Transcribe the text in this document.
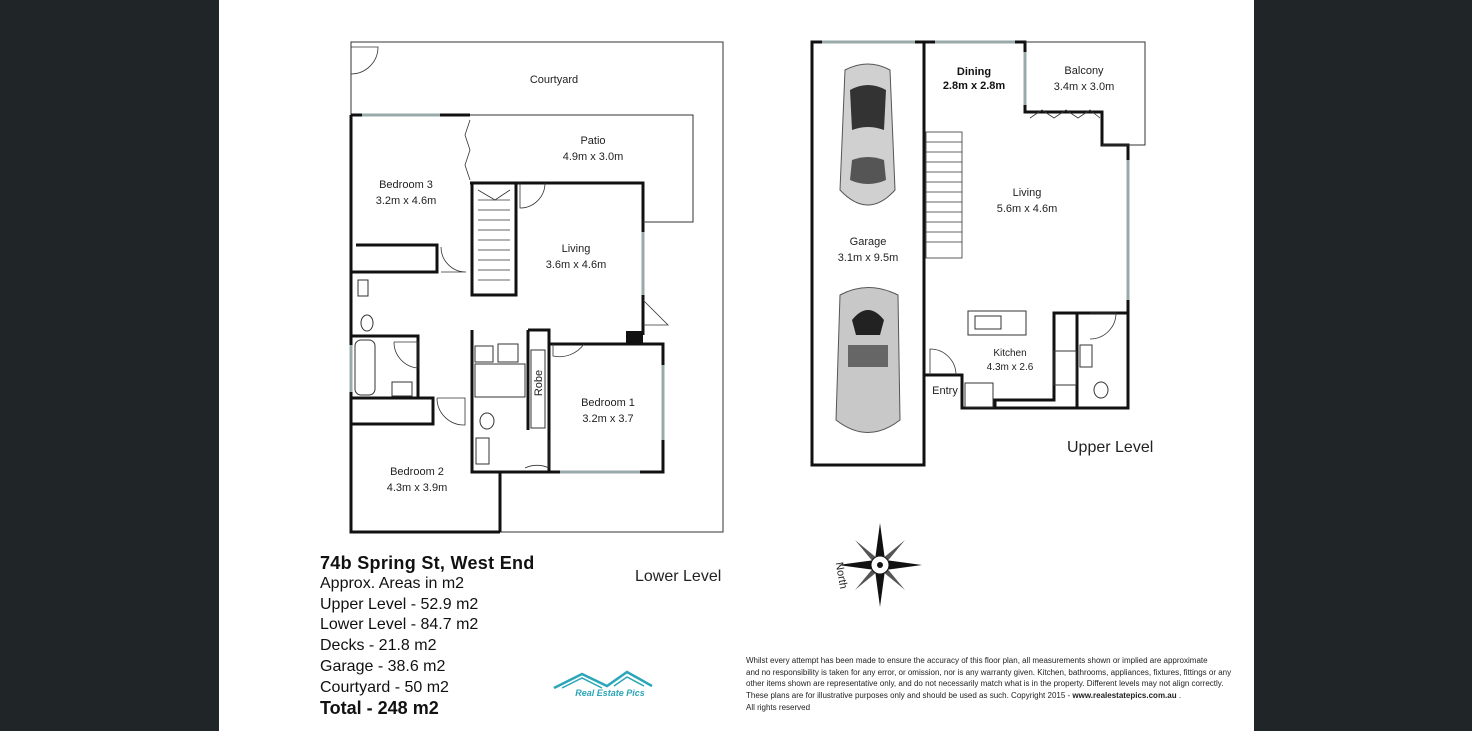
Courtyard
Patio
4.9m x 3.0m
Bedroom 3
3.2m x 4.6m
Living
3.6m x 4.6m
Bedroom 1
3.2m x 3.7
Bedroom 2
4.3m x 3.9m
Robe
Lower Level
Garage
3.1m x 9.5m
Dining
2.8m x 2.8m
Balcony
3.4m x 3.0m
Living
5.6m x 4.6m
Kitchen
4.3m x 2.6
Entry
Upper Level
North
74b Spring St, West End
Approx. Areas in m2
Upper Level - 52.9 m2
Lower Level - 84.7 m2
Decks - 21.8 m2
Garage - 38.6 m2
Courtyard - 50 m2
Total - 248 m2
Real Estate Pics
Whilst every attempt has been made to ensure the accuracy of this floor plan, all measurements shown or implied are approximate
and no responsibility is taken for any error, or omission, nor is any warranty given. Kitchen, bathrooms, appliances, fixtures, fittings or any
other items shown are representative only, and do not necessarily match what is in the property. Different levels may not align correctly.
These plans are for illustrative purposes only and should be used as such. Copyright 2015 - www.realestatepics.com.au .
All rights reserved
